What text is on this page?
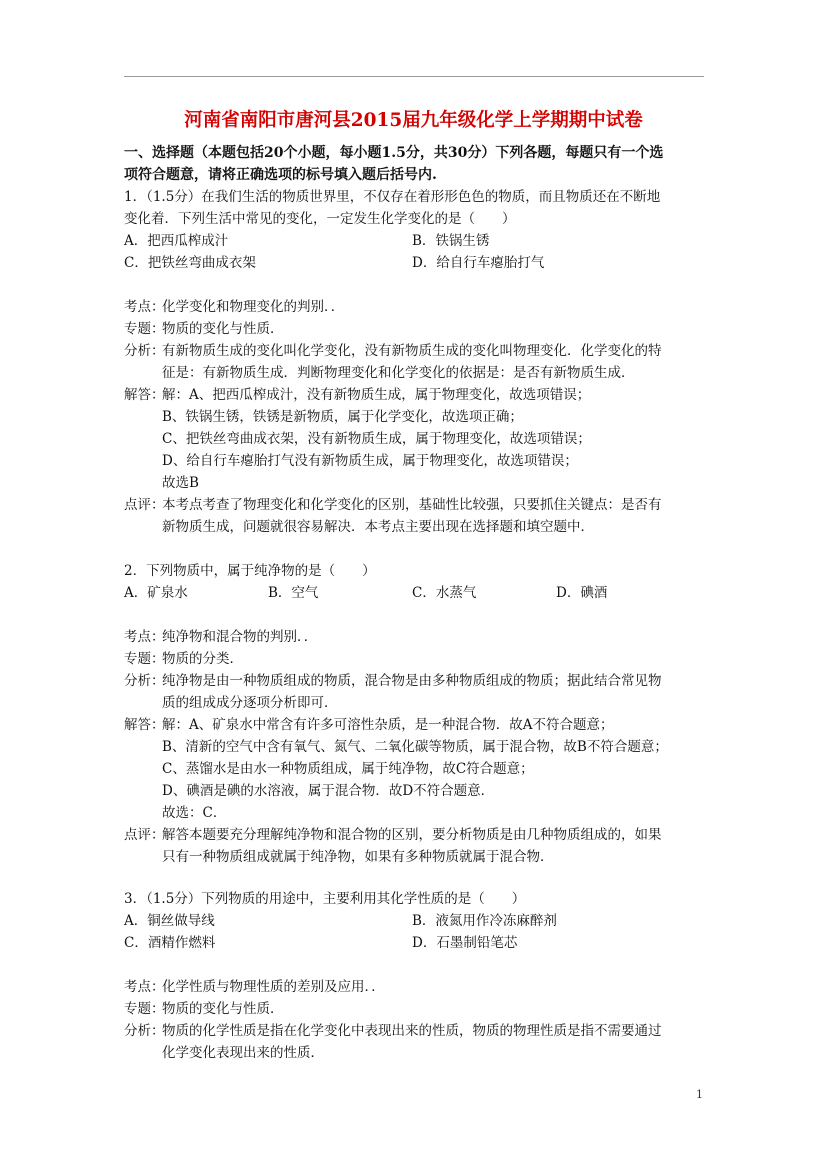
河南省南阳市唐河县2015届九年级化学上学期期中试卷
一、选择题（本题包括20个小题，每小题1.5分，共30分）下列各题，每题只有一个选
项符合题意，请将正确选项的标号填入题后括号内.
1．（1.5分）在我们生活的物质世界里，不仅存在着形形色色的物质，而且物质还在不断地
变化着．下列生活中常见的变化，一定发生化学变化的是（　　）
A．把西瓜榨成汁	B．铁锅生锈
C．把铁丝弯曲成衣架	D．给自行车瘪胎打气
考点：
化学变化和物理变化的判别．．
专题：
物质的变化与性质．
分析：
有新物质生成的变化叫化学变化，没有新物质生成的变化叫物理变化．化学变化的特
征是：有新物质生成．判断物理变化和化学变化的依据是：是否有新物质生成．
解答：
解：A、把西瓜榨成汁，没有新物质生成，属于物理变化，故选项错误；
B、铁锅生锈，铁锈是新物质，属于化学变化，故选项正确；
C、把铁丝弯曲成衣架，没有新物质生成，属于物理变化，故选项错误；
D、给自行车瘪胎打气没有新物质生成，属于物理变化，故选项错误；
故选B
点评：
本考点考查了物理变化和化学变化的区别，基础性比较强，只要抓住关键点：是否有
新物质生成，问题就很容易解决．本考点主要出现在选择题和填空题中．
2．下列物质中，属于纯净物的是（　　）
A．矿泉水	B．空气	C．水蒸气	D．碘酒
考点：
纯净物和混合物的判别．．
专题：
物质的分类．
分析：
纯净物是由一种物质组成的物质，混合物是由多种物质组成的物质；据此结合常见物
质的组成成分逐项分析即可．
解答：
解：A、矿泉水中常含有许多可溶性杂质，是一种混合物．故A不符合题意；
B、清新的空气中含有氧气、氮气、二氧化碳等物质，属于混合物，故B不符合题意；
C、蒸馏水是由水一种物质组成，属于纯净物，故C符合题意；
D、碘酒是碘的水溶液，属于混合物．故D不符合题意．
故选：C．
点评：
解答本题要充分理解纯净物和混合物的区别，要分析物质是由几种物质组成的，如果
只有一种物质组成就属于纯净物，如果有多种物质就属于混合物．
3．（1.5分）下列物质的用途中，主要利用其化学性质的是（　　）
A．铜丝做导线	B．液氮用作冷冻麻醉剂
C．酒精作燃料	D．石墨制铅笔芯
考点：
化学性质与物理性质的差别及应用．．
专题：
物质的变化与性质．
分析：
物质的化学性质是指在化学变化中表现出来的性质，物质的物理性质是指不需要通过
化学变化表现出来的性质．
1
